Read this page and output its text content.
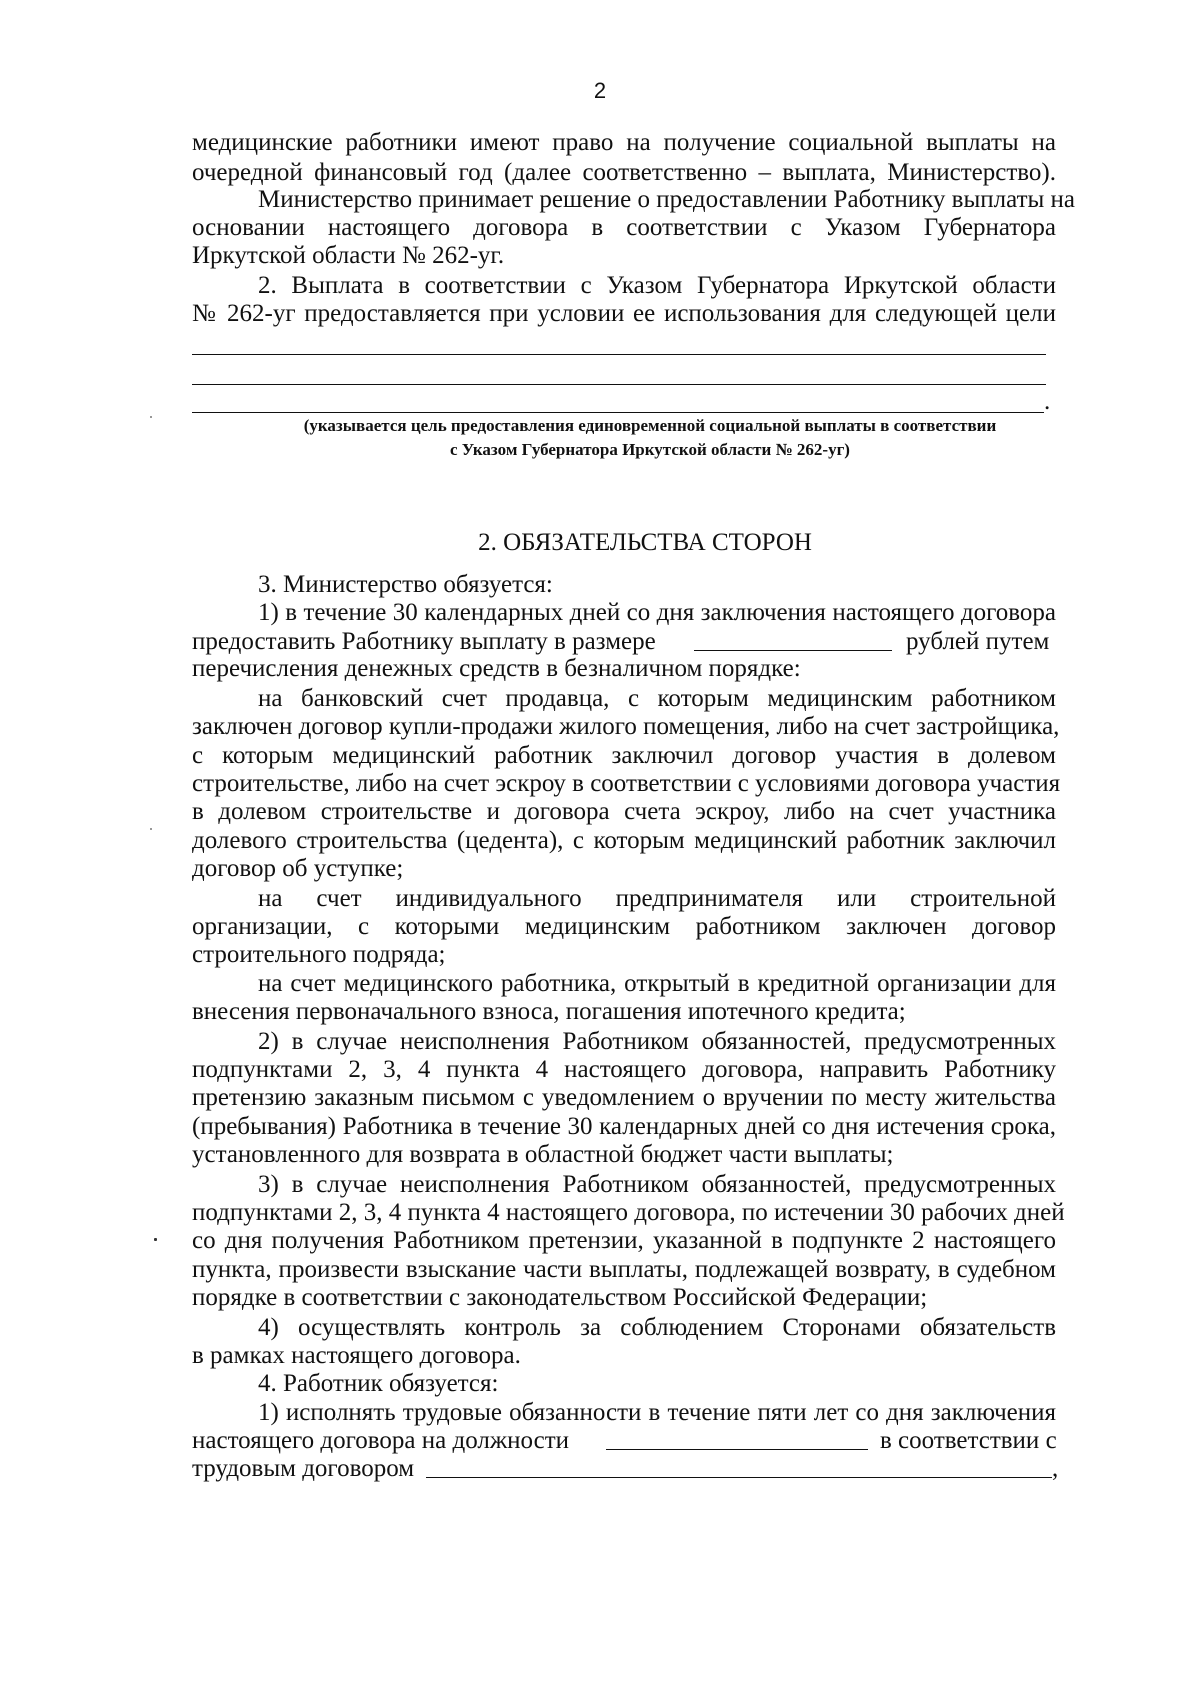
2

медицинские работники имеют право на получение социальной выплаты на

очередной финансовый год (далее соответственно – выплата, Министерство).

Министерство принимает решение о предоставлении Работнику выплаты на

основании настоящего договора в соответствии с Указом Губернатора

Иркутской области № 262-уг.

2. Выплата в соответствии с Указом Губернатора Иркутской области

№ 262-уг предоставляется при условии ее использования для следующей цели

.

(указывается цель предоставления единовременной социальной выплаты в соответствии

с Указом Губернатора Иркутской области № 262-уг)

2. ОБЯЗАТЕЛЬСТВА СТОРОН

3. Министерство обязуется:

1) в течение 30 календарных дней со дня заключения настоящего договора

предоставить Работнику выплату в размере	рублей путем

перечисления денежных средств в безналичном порядке:

на банковский счет продавца, с которым медицинским работником

заключен договор купли-продажи жилого помещения, либо на счет застройщика,

с которым медицинский работник заключил договор участия в долевом

строительстве, либо на счет эскроу в соответствии с условиями договора участия

в долевом строительстве и договора счета эскроу, либо на счет участника

долевого строительства (цедента), с которым медицинский работник заключил

договор об уступке;

на счет индивидуального предпринимателя или строительной

организации, с которыми медицинским работником заключен договор

строительного подряда;

на счет медицинского работника, открытый в кредитной организации для

внесения первоначального взноса, погашения ипотечного кредита;

2) в случае неисполнения Работником обязанностей, предусмотренных

подпунктами 2, 3, 4 пункта 4 настоящего договора, направить Работнику

претензию заказным письмом с уведомлением о вручении по месту жительства

(пребывания) Работника в течение 30 календарных дней со дня истечения срока,

установленного для возврата в областной бюджет части выплаты;

3) в случае неисполнения Работником обязанностей, предусмотренных

подпунктами 2, 3, 4 пункта 4 настоящего договора, по истечении 30 рабочих дней

со дня получения Работником претензии, указанной в подпункте 2 настоящего

пункта, произвести взыскание части выплаты, подлежащей возврату, в судебном

порядке в соответствии с законодательством Российской Федерации;

4) осуществлять контроль за соблюдением Сторонами обязательств

в рамках настоящего договора.

4. Работник обязуется:

1) исполнять трудовые обязанности в течение пяти лет со дня заключения

настоящего договора на должности	в соответствии с

трудовым договором	,
